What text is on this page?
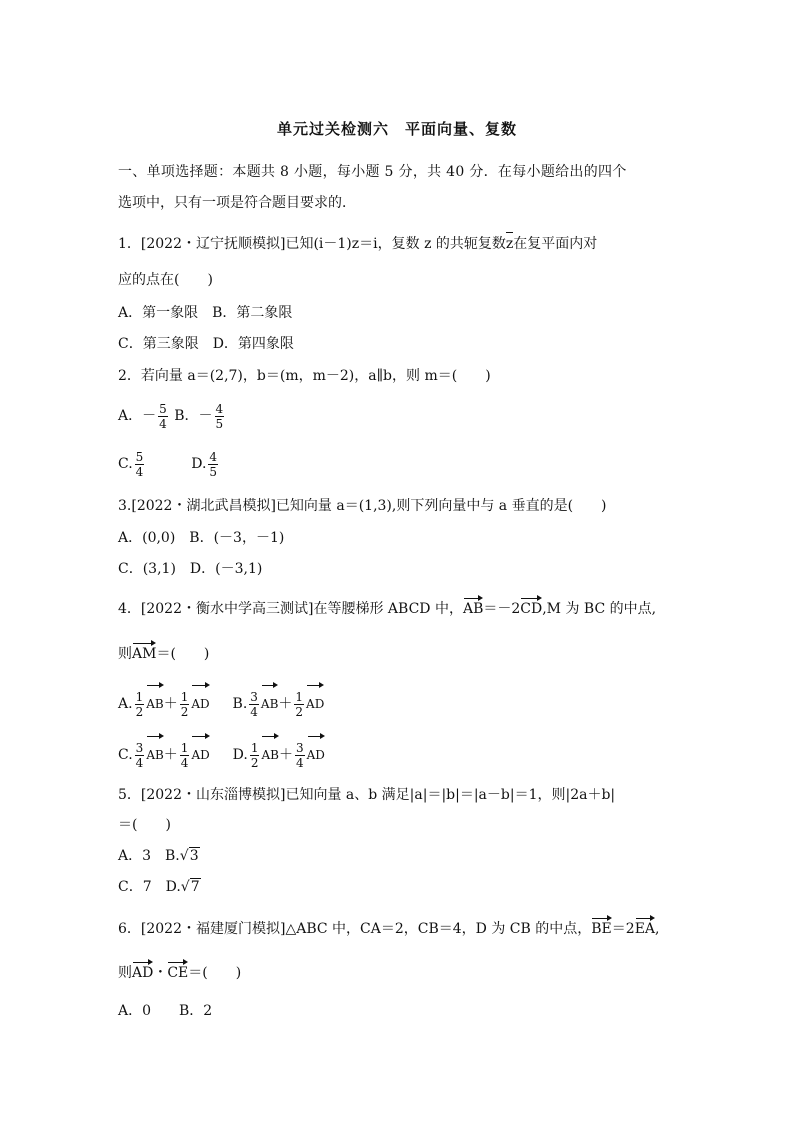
单元过关检测六　平面向量、复数
一、单项选择题：本题共 8 小题，每小题 5 分，共 40 分．在每小题给出的四个
选项中，只有一项是符合题目要求的．
1．[2022・辽宁抚顺模拟]已知(i－1)z＝i，复数 z 的共轭复数z在复平面内对
应的点在(　　)
A．第一象限　B．第二象限
C．第三象限　D．第四象限
2．若向量 a＝(2,7)，b＝(m，m－2)，a∥b，则 m＝(　　)
A．－ $\frac{5}{4}$ B．－ $\frac{4}{5}$
C. $\frac{5}{4}$	D. $\frac{4}{5}$
3.[2022・湖北武昌模拟]已知向量 a＝(1,3),则下列向量中与 a 垂直的是(　　)
A．(0,0)　B．(－3，－1)
C．(3,1)　D．(－3,1)
4．[2022・衡水中学高三测试]在等腰梯形 ABCD 中，AB＝－2CD,M 为 BC 的中点,
则AM＝(　　)
A. $\frac{1}{2} AB+ \frac{1}{2}$ AD B. $\frac{3}{4} AB+ \frac{1}{2}$ AD
C. $\frac{3}{4} AB+ \frac{1}{4}$ AD D. $\frac{1}{2} AB+ \frac{3}{4}$ AD
5．[2022・山东淄博模拟]已知向量 a、b 满足|a|＝|b|＝|a－b|＝1，则|2a＋b|
＝(　　)
A．3　B.√3
C．7　D.√7
6．[2022・福建厦门模拟]△ABC 中，CA＝2，CB＝4，D 为 CB 的中点，BE＝2EA,
则AD・CE＝(　　)
A．0　　B．2
